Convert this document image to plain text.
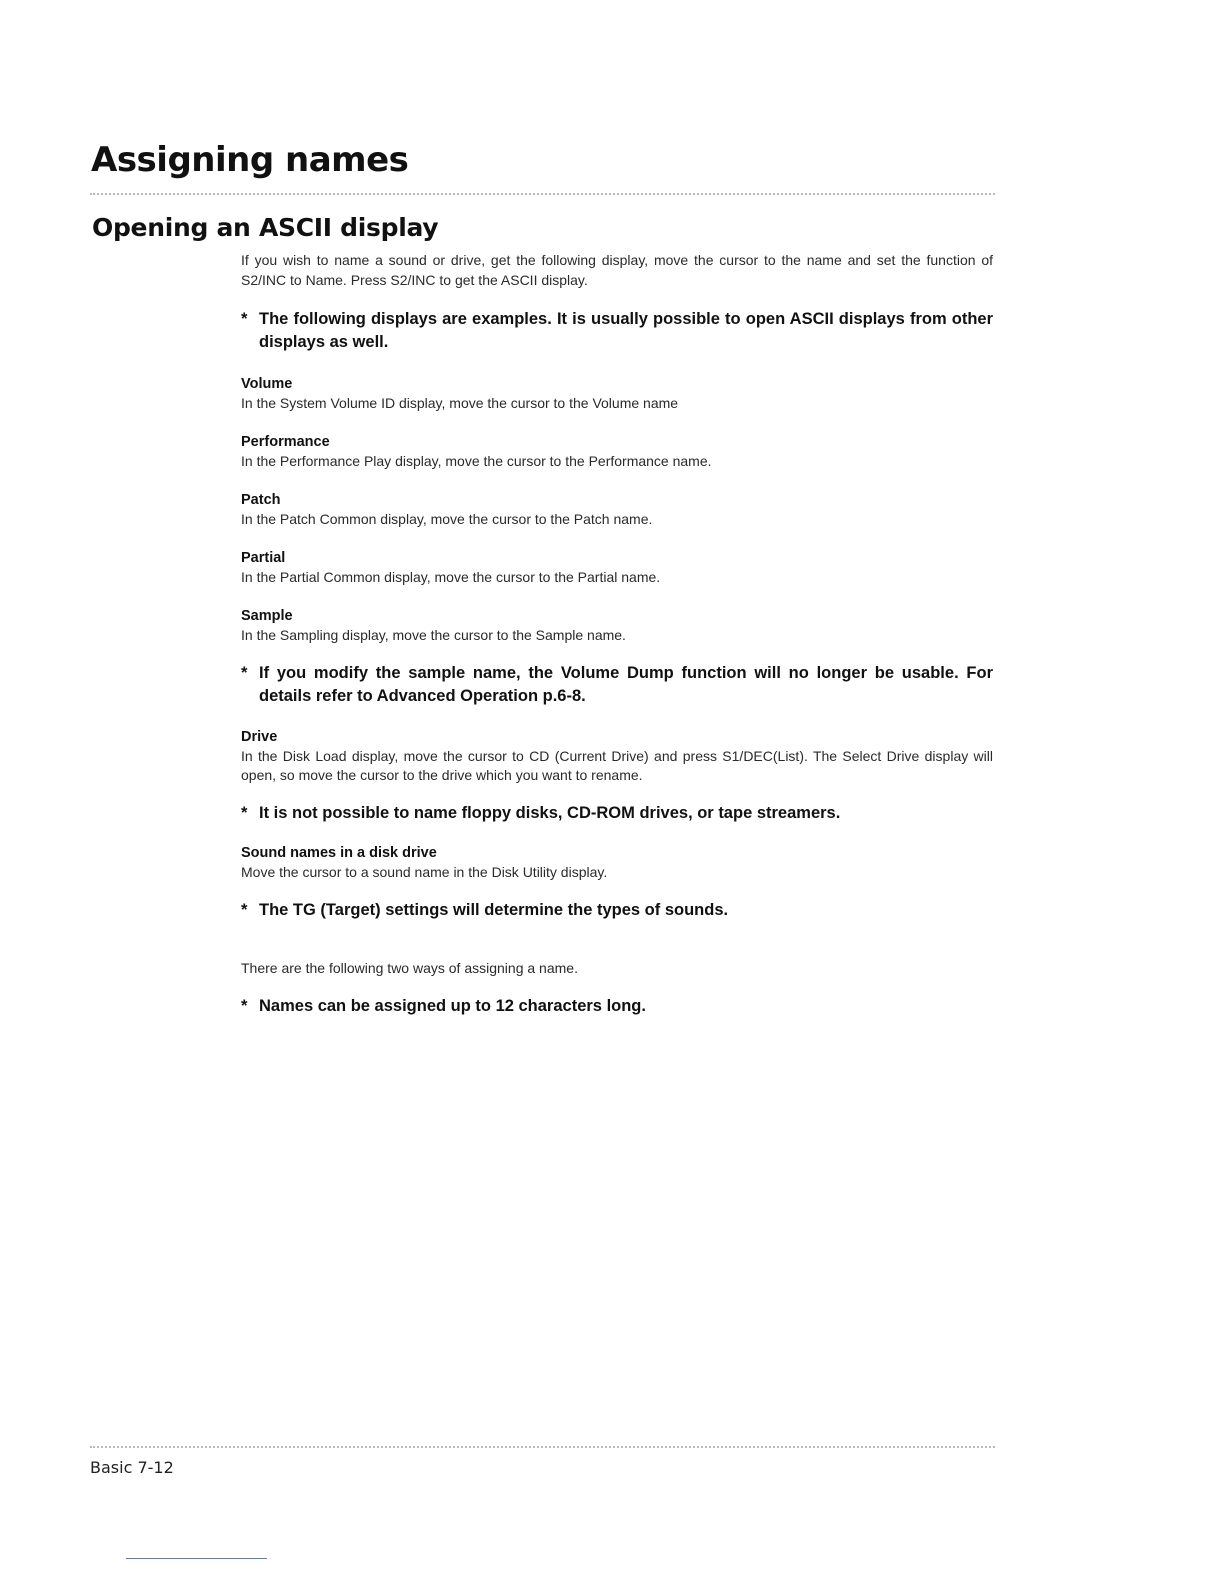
Assigning names
Opening an ASCII display

If you wish to name a sound or drive, get the following display, move the cursor to the name and set the function of S2/INC to Name. Press S2/INC to get the ASCII display.

* The following displays are examples. It is usually possible to open ASCII displays from other displays as well.

Volume

In the System Volume ID display, move the cursor to the Volume name

Performance

In the Performance Play display, move the cursor to the Performance name.

Patch

In the Patch Common display, move the cursor to the Patch name.

Partial

In the Partial Common display, move the cursor to the Partial name.

Sample

In the Sampling display, move the cursor to the Sample name.

* If you modify the sample name, the Volume Dump function will no longer be usable. For details refer to Advanced Operation p.6-8.

Drive

In the Disk Load display, move the cursor to CD (Current Drive) and press S1/DEC(List). The Select Drive display will open, so move the cursor to the drive which you want to rename.

* It is not possible to name floppy disks, CD-ROM drives, or tape streamers.

Sound names in a disk drive

Move the cursor to a sound name in the Disk Utility display.

* The TG (Target) settings will determine the types of sounds.

There are the following two ways of assigning a name.

* Names can be assigned up to 12 characters long.

Basic 7-12
